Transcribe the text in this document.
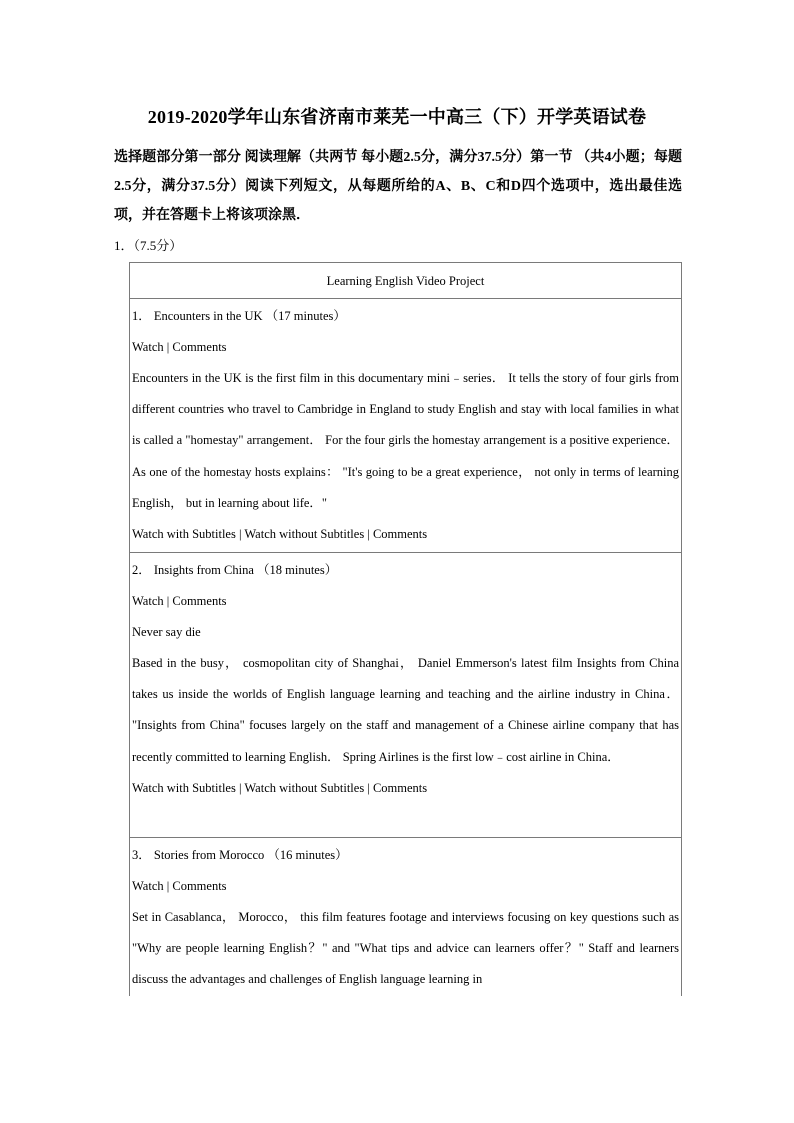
2019-2020学年山东省济南市莱芜一中高三（下）开学英语试卷
选择题部分第一部分 阅读理解（共两节 每小题2.5分，满分37.5分）第一节 （共4小题；每题2.5分，满分37.5分）阅读下列短文，从每题所给的A、B、C和D四个选项中，选出最佳选项，并在答题卡上将该项涂黑．
1．（7.5分）
Learning English Video Project
1． Encounters in the UK （17 minutes）
Watch | Comments
Encounters in the UK is the first film in this documentary mini﹣series． It tells the story of four girls from different countries who travel to Cambridge in England to study English and stay with local families in what is called a "homestay" arrangement． For the four girls the homestay arrangement is a positive experience． As one of the homestay hosts explains： "It's going to be a great experience， not only in terms of learning English， but in learning about life．"
Watch with Subtitles | Watch without Subtitles | Comments
2． Insights from China （18 minutes）
Watch | Comments
Never say die
Based in the busy， cosmopolitan city of Shanghai， Daniel Emmerson's latest film Insights from China takes us inside the worlds of English language learning and teaching and the airline industry in China． "Insights from China" focuses largely on the staff and management of a Chinese airline company that has recently committed to learning English． Spring Airlines is the first low﹣cost airline in China．
Watch with Subtitles | Watch without Subtitles | Comments
3． Stories from Morocco （16 minutes）
Watch | Comments
Set in Casablanca， Morocco， this film features footage and interviews focusing on key questions such as "Why are people learning English？" and "What tips and advice can learners offer？" Staff and learners discuss the advantages and challenges of English language learning in
